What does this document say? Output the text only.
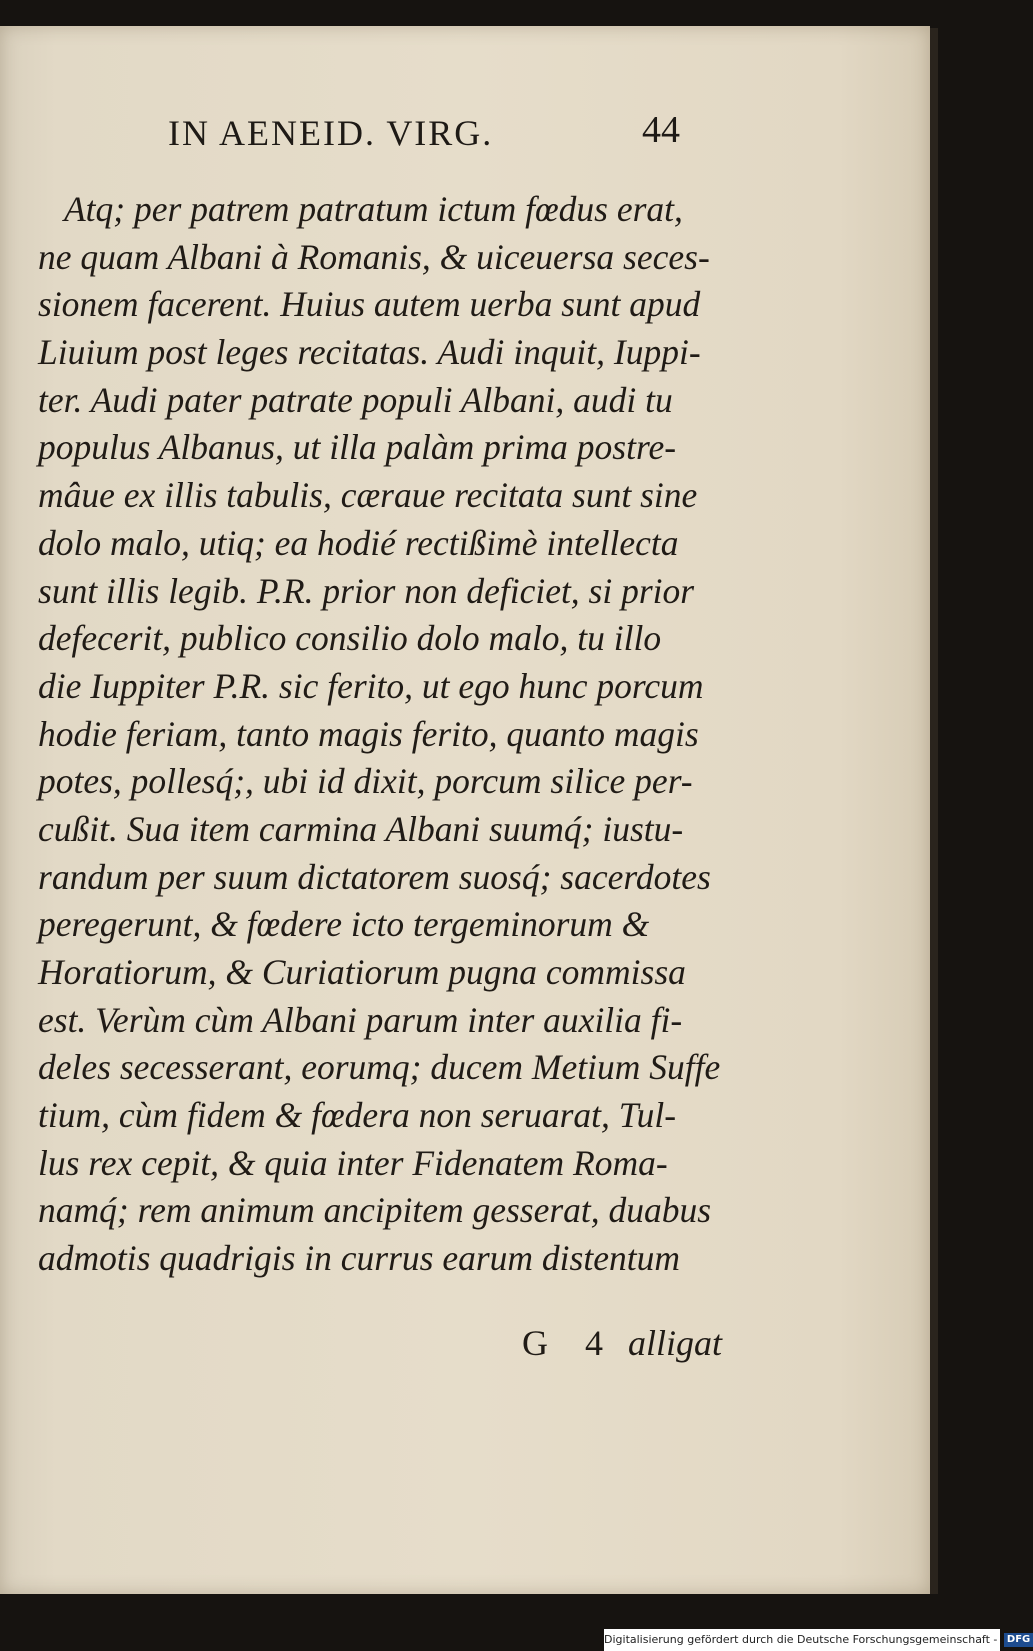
IN AENEID. VIRG.	44
Atq; per patrem patratum ictum fœdus erat,
ne quam Albani à Romanis, & uiceuersa seces-
sionem facerent. Huius autem uerba sunt apud
Liuium post leges recitatas. Audi inquit, Iuppi-
ter. Audi pater patrate populi Albani, audi tu
populus Albanus, ut illa palàm prima postre-
mâue ex illis tabulis, cæraue recitata sunt sine
dolo malo, utiq; ea hodié rectißimè intellecta
sunt illis legib. P.R. prior non deficiet, si prior
defecerit, publico consilio dolo malo, tu illo
die Iuppiter P.R. sic ferito, ut ego hunc porcum
hodie feriam, tanto magis ferito, quanto magis
potes, pollesq́;, ubi id dixit, porcum silice per-
cußit. Sua item carmina Albani suumq́; iustu-
randum per suum dictatorem suosq́; sacerdotes
peregerunt, & fœdere icto tergeminorum &
Horatiorum, & Curiatiorum pugna commissa
est. Verùm cùm Albani parum inter auxilia fi-
deles secesserant, eorumq; ducem Metium Suffe
tium, cùm fidem & fœdera non seruarat, Tul-
lus rex cepit, & quia inter Fidenatem Roma-
namq́; rem animum ancipitem gesserat, duabus
admotis quadrigis in currus earum distentum
G 4 alligat
Digitalisierung gefördert durch die Deutsche Forschungsgemeinschaft - DFG
